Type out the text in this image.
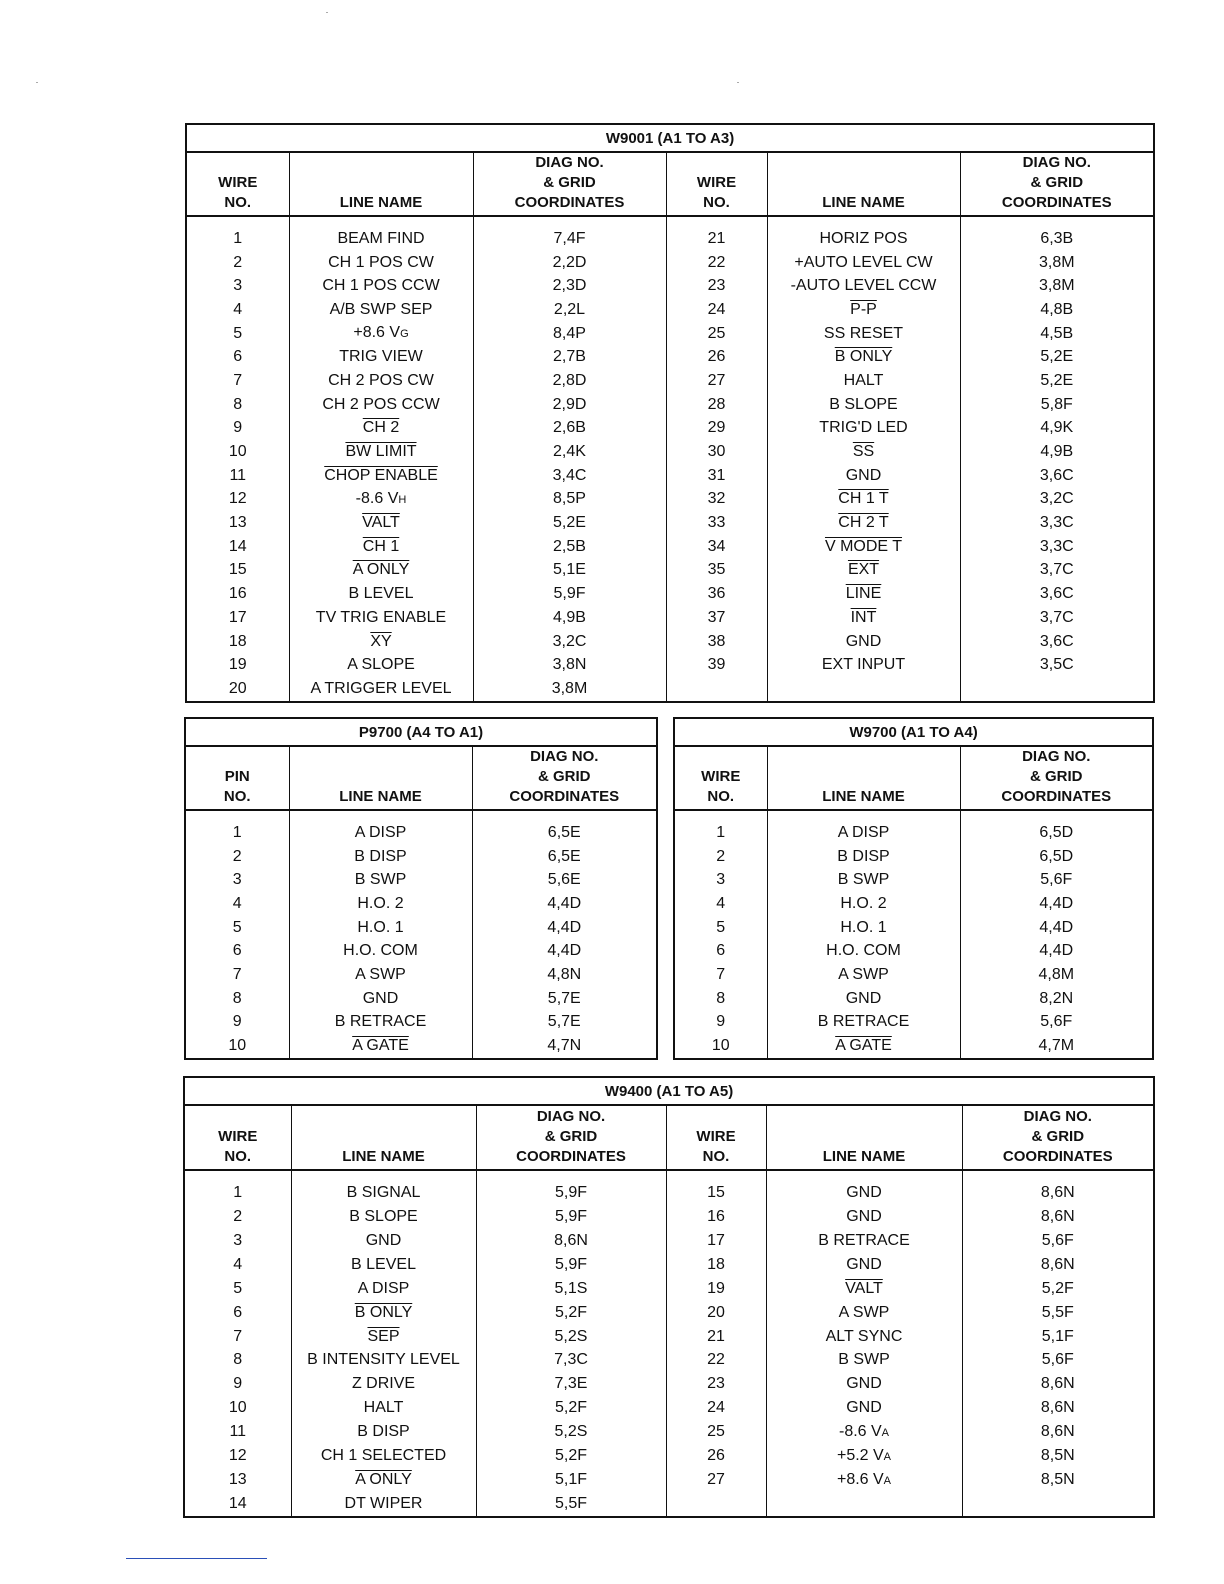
W9001 (A1 TO A3)					
WIRE
NO.	LINE NAME	DIAG NO.
& GRID
COORDINATES	WIRE
NO.	LINE NAME	DIAG NO.
& GRID
COORDINATES

1	BEAM FIND	7,4F	21	HORIZ POS	6,3B
2	CH 1 POS CW	2,2D	22	+AUTO LEVEL CW	3,8M
3	CH 1 POS CCW	2,3D	23	-AUTO LEVEL CCW	3,8M
4	A/B SWP SEP	2,2L	24	P-P	4,8B
5	+8.6 VG	8,4P	25	SS RESET	4,5B
6	TRIG VIEW	2,7B	26	B ONLY	5,2E
7	CH 2 POS CW	2,8D	27	HALT	5,2E
8	CH 2 POS CCW	2,9D	28	B SLOPE	5,8F
9	CH 2	2,6B	29	TRIG'D LED	4,9K
10	BW LIMIT	2,4K	30	$\overline{SS}$	4,9B
11	CHOP ENABLE	3,4C	31	GND	3,6C
12	-8.6 VH	8,5P	32	CH 1 T	3,2C
13	VALT	5,2E	33	CH 2 T	3,3C
14	CH 1	2,5B	34	V MODE T	3,3C
15	A ONLY	5,1E	35	$\overline{EXT}$	3,7C
16	B LEVEL	5,9F	36	LINE	3,6C
17	TV TRIG ENABLE	4,9B	37	$\overline{INT}$	3,7C
18	$\overline{XY}$	3,2C	38	GND	3,6C
19	A SLOPE	3,8N	39	EXT INPUT	3,5C
20	A TRIGGER LEVEL	3,8M			
P9700 (A4 TO A1)		
PIN
NO.	LINE NAME	DIAG NO.
& GRID
COORDINATES

1	A DISP	6,5E
2	B DISP	6,5E
3	B SWP	5,6E
4	H.O. 2	4,4D
5	H.O. 1	4,4D
6	H.O. COM	4,4D
7	A SWP	4,8N
8	GND	5,7E
9	B RETRACE	5,7E
10	A GATE	4,7N
W9700 (A1 TO A4)		
WIRE
NO.	LINE NAME	DIAG NO.
& GRID
COORDINATES

1	A DISP	6,5D
2	B DISP	6,5D
3	B SWP	5,6F
4	H.O. 2	4,4D
5	H.O. 1	4,4D
6	H.O. COM	4,4D
7	A SWP	4,8M
8	GND	8,2N
9	B RETRACE	5,6F
10	A GATE	4,7M
W9400 (A1 TO A5)					
WIRE
NO.	LINE NAME	DIAG NO.
& GRID
COORDINATES	WIRE
NO.	LINE NAME	DIAG NO.
& GRID
COORDINATES

1	B SIGNAL	5,9F	15	GND	8,6N
2	B SLOPE	5,9F	16	GND	8,6N
3	GND	8,6N	17	B RETRACE	5,6F
4	B LEVEL	5,9F	18	GND	8,6N
5	A DISP	5,1S	19	VALT	5,2F
6	B ONLY	5,2F	20	A SWP	5,5F
7	$\overline{SEP}$	5,2S	21	ALT SYNC	5,1F
8	B INTENSITY LEVEL	7,3C	22	B SWP	5,6F
9	Z DRIVE	7,3E	23	GND	8,6N
10	HALT	5,2F	24	GND	8,6N
11	B DISP	5,2S	25	-8.6 VA	8,6N
12	CH 1 SELECTED	5,2F	26	+5.2 VA	8,5N
13	A ONLY	5,1F	27	+8.6 VA	8,5N
14	DT WIPER	5,5F			
